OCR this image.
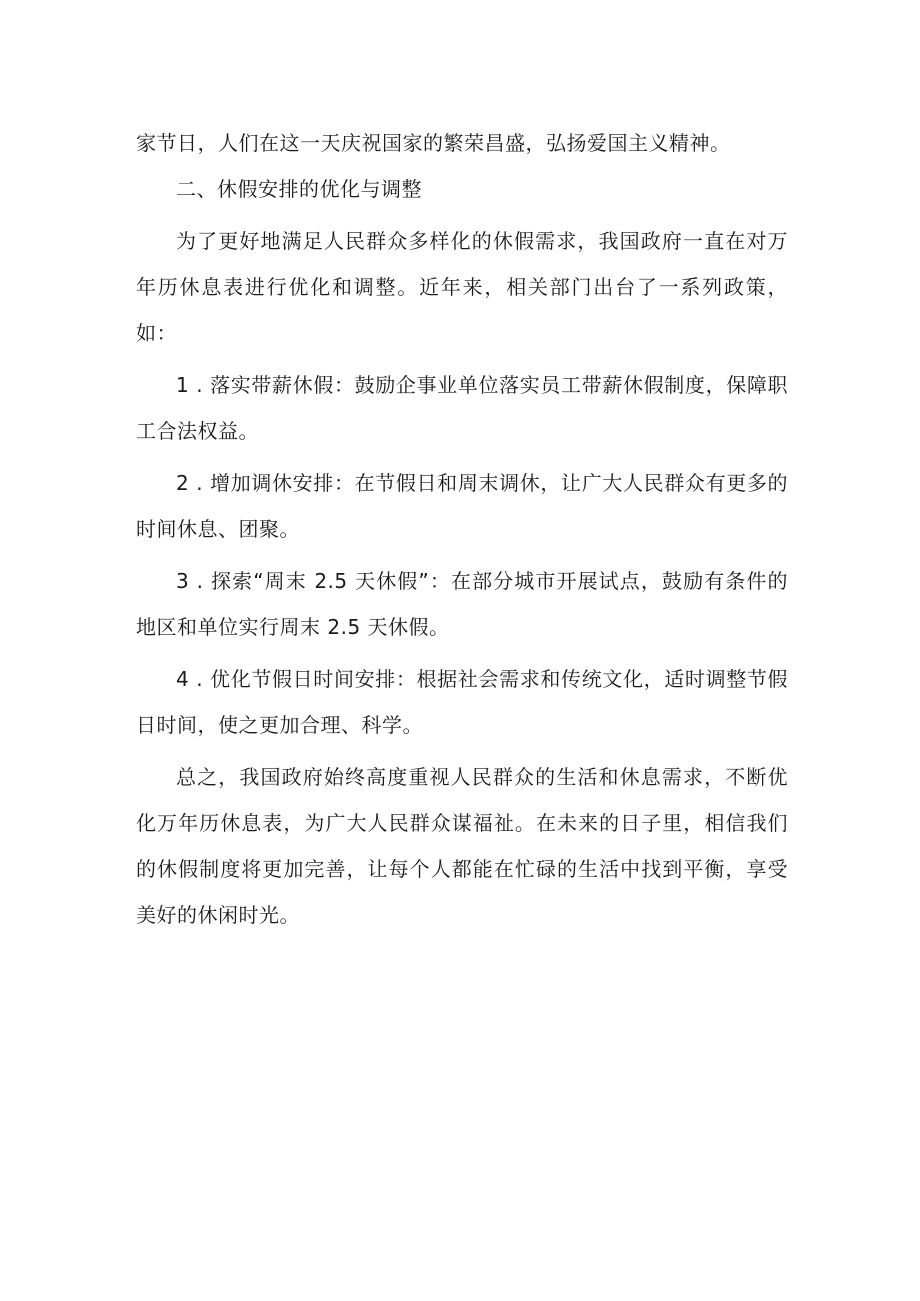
家节日，人们在这一天庆祝国家的繁荣昌盛，弘扬爱国主义精神。

二、休假安排的优化与调整

为了更好地满足人民群众多样化的休假需求，我国政府一直在对万年历休息表进行优化和调整。近年来，相关部门出台了一系列政策，如：

1 . 落实带薪休假：鼓励企事业单位落实员工带薪休假制度，保障职工合法权益。

2 . 增加调休安排：在节假日和周末调休，让广大人民群众有更多的时间休息、团聚。

3 . 探索“周末 2.5 天休假”：在部分城市开展试点，鼓励有条件的地区和单位实行周末 2.5 天休假。

4 . 优化节假日时间安排：根据社会需求和传统文化，适时调整节假日时间，使之更加合理、科学。

总之，我国政府始终高度重视人民群众的生活和休息需求，不断优化万年历休息表，为广大人民群众谋福祉。在未来的日子里，相信我们的休假制度将更加完善，让每个人都能在忙碌的生活中找到平衡，享受美好的休闲时光。
